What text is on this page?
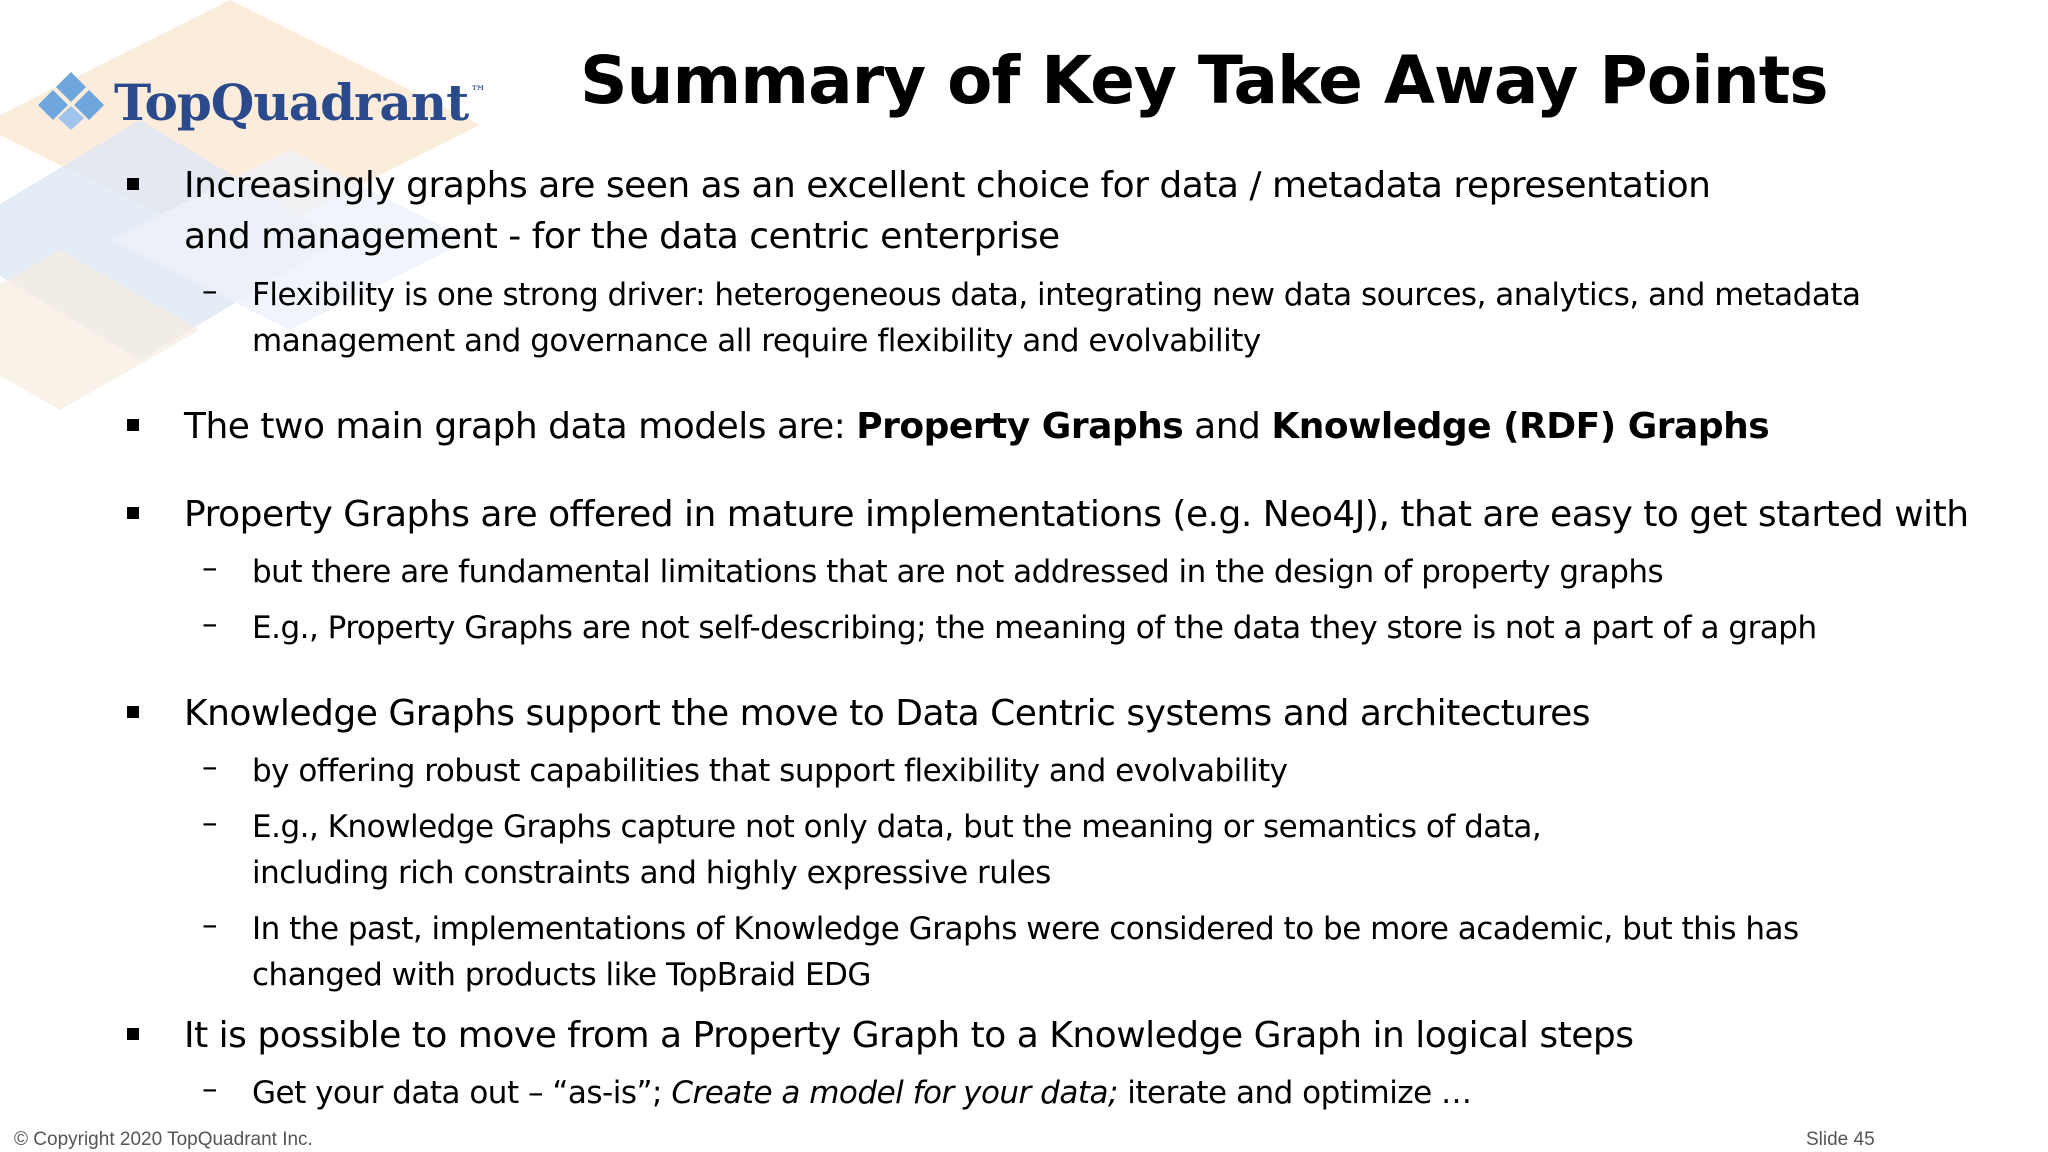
TopQuadrant ™ Summary of Key Take Away Points
Increasingly graphs are seen as an excellent choice for data / metadata representation
and management - for the data centric enterprise
– Flexibility is one strong driver: heterogeneous data, integrating new data sources, analytics, and metadata
management and governance all require flexibility and evolvability
The two main graph data models are: Property Graphs and Knowledge (RDF) Graphs
Property Graphs are offered in mature implementations (e.g. Neo4J), that are easy to get started with
– but there are fundamental limitations that are not addressed in the design of property graphs
– E.g., Property Graphs are not self-describing; the meaning of the data they store is not a part of a graph
Knowledge Graphs support the move to Data Centric systems and architectures
– by offering robust capabilities that support flexibility and evolvability
– E.g., Knowledge Graphs capture not only data, but the meaning or semantics of data,
including rich constraints and highly expressive rules
– In the past, implementations of Knowledge Graphs were considered to be more academic, but this has
changed with products like TopBraid EDG
It is possible to move from a Property Graph to a Knowledge Graph in logical steps
– Get your data out – “as-is”; Create a model for your data; iterate and optimize …
© Copyright 2020 TopQuadrant Inc.	Slide 45
